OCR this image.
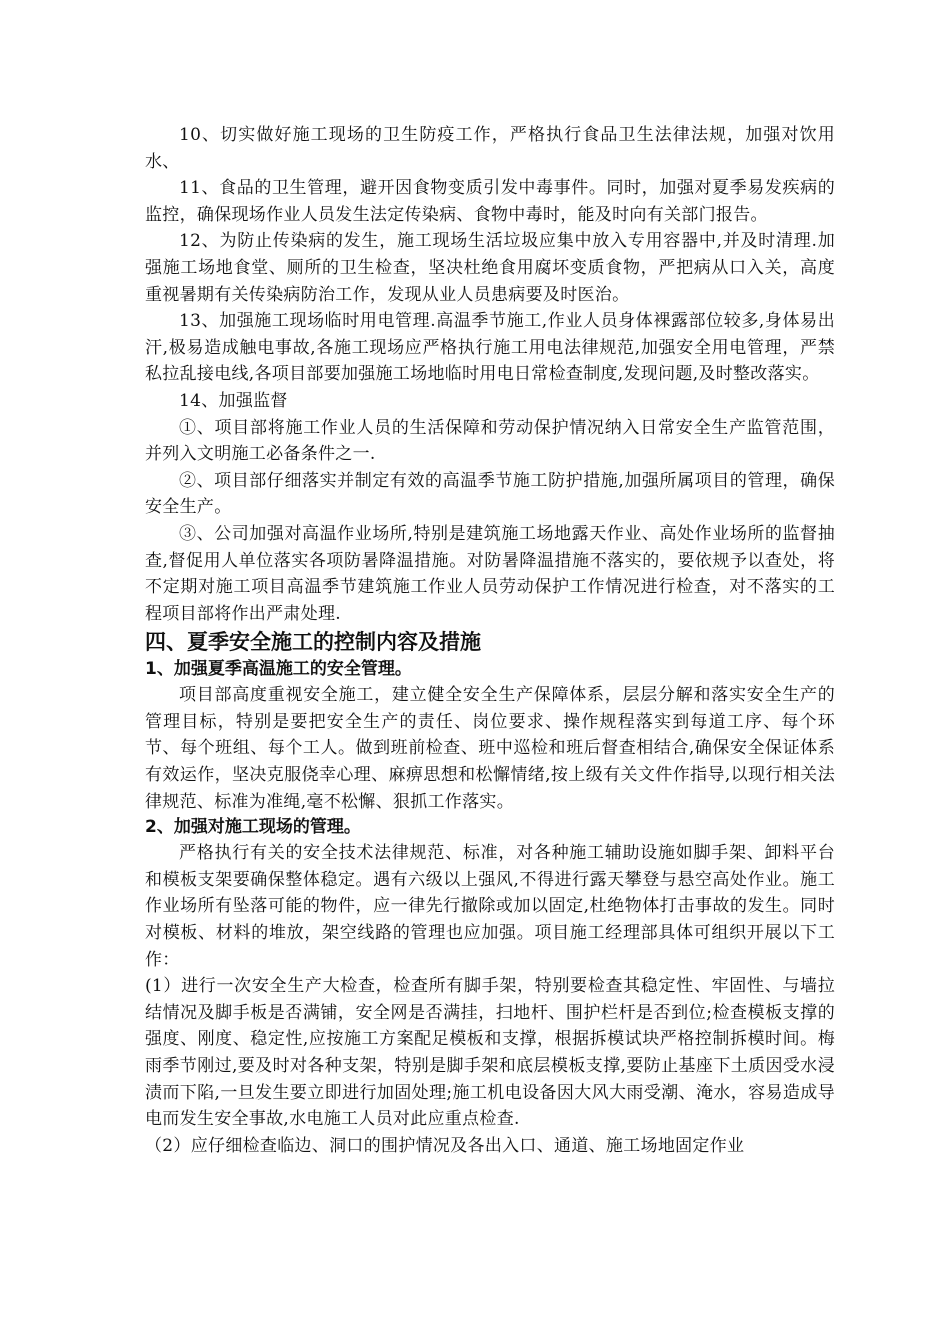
10、切实做好施工现场的卫生防疫工作，严格执行食品卫生法律法规，加强对饮用水、

11、食品的卫生管理，避开因食物变质引发中毒事件。同时，加强对夏季易发疾病的监控，确保现场作业人员发生法定传染病、食物中毒时，能及时向有关部门报告。

12、为防止传染病的发生，施工现场生活垃圾应集中放入专用容器中,并及时清理.加强施工场地食堂、厕所的卫生检查，坚决杜绝食用腐坏变质食物，严把病从口入关，高度重视暑期有关传染病防治工作，发现从业人员患病要及时医治。

13、加强施工现场临时用电管理.高温季节施工,作业人员身体裸露部位较多,身体易出汗,极易造成触电事故,各施工现场应严格执行施工用电法律规范,加强安全用电管理，严禁私拉乱接电线,各项目部要加强施工场地临时用电日常检查制度,发现问题,及时整改落实。

14、加强监督

①、项目部将施工作业人员的生活保障和劳动保护情况纳入日常安全生产监管范围，并列入文明施工必备条件之一.

②、项目部仔细落实并制定有效的高温季节施工防护措施,加强所属项目的管理，确保安全生产。

③、公司加强对高温作业场所,特别是建筑施工场地露天作业、高处作业场所的监督抽查,督促用人单位落实各项防暑降温措施。对防暑降温措施不落实的，要依规予以查处，将不定期对施工项目高温季节建筑施工作业人员劳动保护工作情况进行检查，对不落实的工程项目部将作出严肃处理.

四、夏季安全施工的控制内容及措施
1、加强夏季高温施工的安全管理。

项目部高度重视安全施工，建立健全安全生产保障体系，层层分解和落实安全生产的管理目标，特别是要把安全生产的责任、岗位要求、操作规程落实到每道工序、每个环节、每个班组、每个工人。做到班前检查、班中巡检和班后督查相结合,确保安全保证体系有效运作，坚决克服侥幸心理、麻痹思想和松懈情绪,按上级有关文件作指导,以现行相关法律规范、标准为准绳,毫不松懈、狠抓工作落实。

2、加强对施工现场的管理。

严格执行有关的安全技术法律规范、标准，对各种施工辅助设施如脚手架、卸料平台和模板支架要确保整体稳定。遇有六级以上强风,不得进行露天攀登与悬空高处作业。施工作业场所有坠落可能的物件，应一律先行撤除或加以固定,杜绝物体打击事故的发生。同时对模板、材料的堆放，架空线路的管理也应加强。项目施工经理部具体可组织开展以下工作：

(1）进行一次安全生产大检查，检查所有脚手架，特别要检查其稳定性、牢固性、与墙拉结情况及脚手板是否满铺，安全网是否满挂，扫地杆、围护栏杆是否到位;检查模板支撑的强度、刚度、稳定性,应按施工方案配足模板和支撑，根据拆模试块严格控制拆模时间。梅雨季节刚过,要及时对各种支架，特别是脚手架和底层模板支撑,要防止基座下土质因受水浸渍而下陷,一旦发生要立即进行加固处理;施工机电设备因大风大雨受潮、淹水，容易造成导电而发生安全事故,水电施工人员对此应重点检查.

（2）应仔细检查临边、洞口的围护情况及各出入口、通道、施工场地固定作业
